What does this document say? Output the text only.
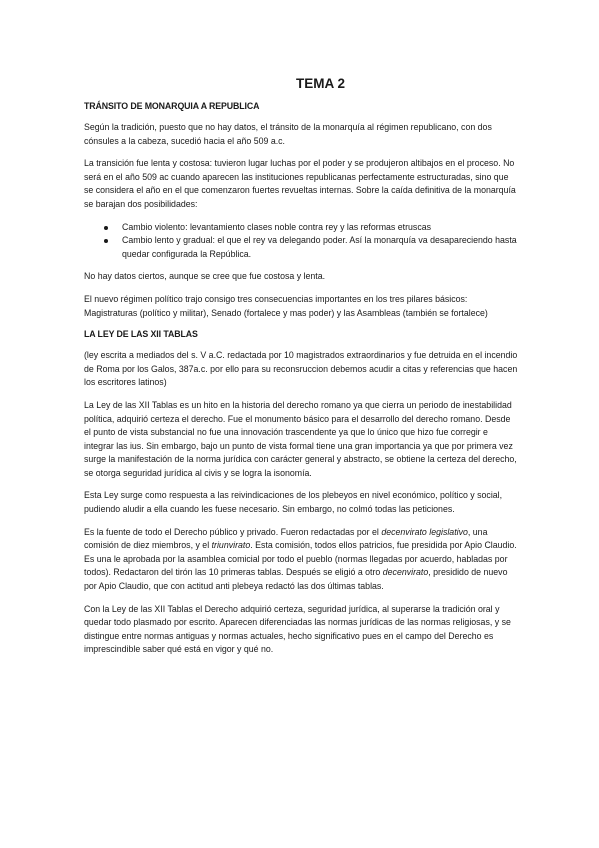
TEMA 2
TRÁNSITO DE MONARQUIA A REPUBLICA

Según la tradición, puesto que no hay datos, el tránsito de la monarquía al régimen republicano, con dos cónsules a la cabeza, sucedió hacia el año 509 a.c.

La transición fue lenta y costosa: tuvieron lugar luchas por el poder y se produjeron altibajos en el proceso. No será en el año 509 ac cuando aparecen las instituciones republicanas perfectamente estructuradas, sino que se considera el año en el que comenzaron fuertes revueltas internas. Sobre la caída definitiva de la monarquía se barajan dos posibilidades:

Cambio violento: levantamiento clases noble contra rey y las reformas etruscas
Cambio lento y gradual: el que el rey va delegando poder. Así la monarquía va desapareciendo hasta quedar configurada la República.

No hay datos ciertos, aunque se cree que fue costosa y lenta.

El nuevo régimen político trajo consigo tres consecuencias importantes en los tres pilares básicos: Magistraturas (político y militar), Senado (fortalece y mas poder) y las Asambleas (también se fortalece)

LA LEY DE LAS XII TABLAS

(ley escrita a mediados del s. V a.C. redactada por 10 magistrados extraordinarios y fue detruida en el incendio de Roma por los Galos, 387a.c. por ello para su reconsruccion debemos acudir a citas y referencias que hacen los escritores latinos)

La Ley de las XII Tablas es un hito en la historia del derecho romano ya que cierra un periodo de inestabilidad política, adquirió certeza el derecho. Fue el monumento básico para el desarrollo del derecho romano. Desde el punto de vista substancial no fue una innovación trascendente ya que lo único que hizo fue corregir e integrar las ius. Sin embargo, bajo un punto de vista formal tiene una gran importancia ya que por primera vez surge la manifestación de la norma jurídica con carácter general y abstracto, se obtiene la certeza del derecho, se otorga seguridad jurídica al civis y se logra la isonomía.

Esta Ley surge como respuesta a las reivindicaciones de los plebeyos en nivel económico, político y social, pudiendo aludir a ella cuando les fuese necesario. Sin embargo, no colmó todas las peticiones.

Es la fuente de todo el Derecho público y privado. Fueron redactadas por el decenvirato legislativo, una comisión de diez miembros, y el triunvirato. Esta comisión, todos ellos patricios, fue presidida por Apio Claudio. Es una le aprobada por la asamblea comicial por todo el pueblo (normas llegadas por acuerdo, habladas por todos). Redactaron del tirón las 10 primeras tablas. Después se eligió a otro decenvirato, presidido de nuevo por Apio Claudio, que con actitud anti plebeya redactó las dos últimas tablas.

Con la Ley de las XII Tablas el Derecho adquirió certeza, seguridad jurídica, al superarse la tradición oral y quedar todo plasmado por escrito. Aparecen diferenciadas las normas jurídicas de las normas religiosas, y se distingue entre normas antiguas y normas actuales, hecho significativo pues en el campo del Derecho es imprescindible saber qué está en vigor y qué no.
